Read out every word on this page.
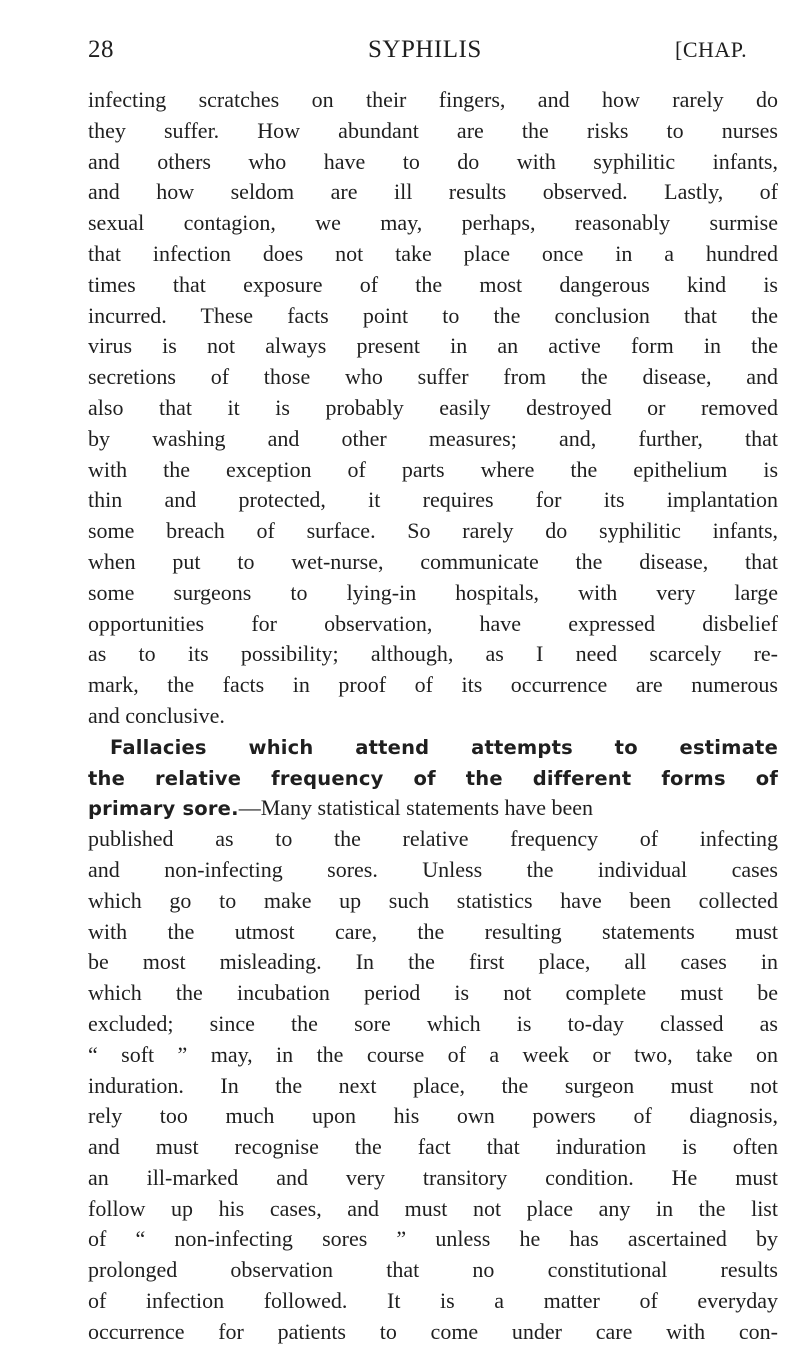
28	SYPHILIS	[CHAP.
infecting scratches on their fingers, and how rarely do
they suffer. How abundant are the risks to nurses
and others who have to do with syphilitic infants,
and how seldom are ill results observed. Lastly, of
sexual contagion, we may, perhaps, reasonably surmise
that infection does not take place once in a hundred
times that exposure of the most dangerous kind is
incurred. These facts point to the conclusion that the
virus is not always present in an active form in the
secretions of those who suffer from the disease, and
also that it is probably easily destroyed or removed
by washing and other measures; and, further, that
with the exception of parts where the epithelium is
thin and protected, it requires for its implantation
some breach of surface. So rarely do syphilitic infants,
when put to wet-nurse, communicate the disease, that
some surgeons to lying-in hospitals, with very large
opportunities for observation, have expressed disbelief
as to its possibility; although, as I need scarcely re-
mark, the facts in proof of its occurrence are numerous
and conclusive.
Fallacies which attend attempts to estimate
the relative frequency of the different forms of
primary sore.—Many statistical statements have been
published as to the relative frequency of infecting
and non-infecting sores. Unless the individual cases
which go to make up such statistics have been collected
with the utmost care, the resulting statements must
be most misleading. In the first place, all cases in
which the incubation period is not complete must be
excluded; since the sore which is to-day classed as
“ soft ” may, in the course of a week or two, take on
induration. In the next place, the surgeon must not
rely too much upon his own powers of diagnosis,
and must recognise the fact that induration is often
an ill-marked and very transitory condition. He must
follow up his cases, and must not place any in the list
of “ non-infecting sores ” unless he has ascertained by
prolonged observation that no constitutional results
of infection followed. It is a matter of everyday
occurrence for patients to come under care with con-
